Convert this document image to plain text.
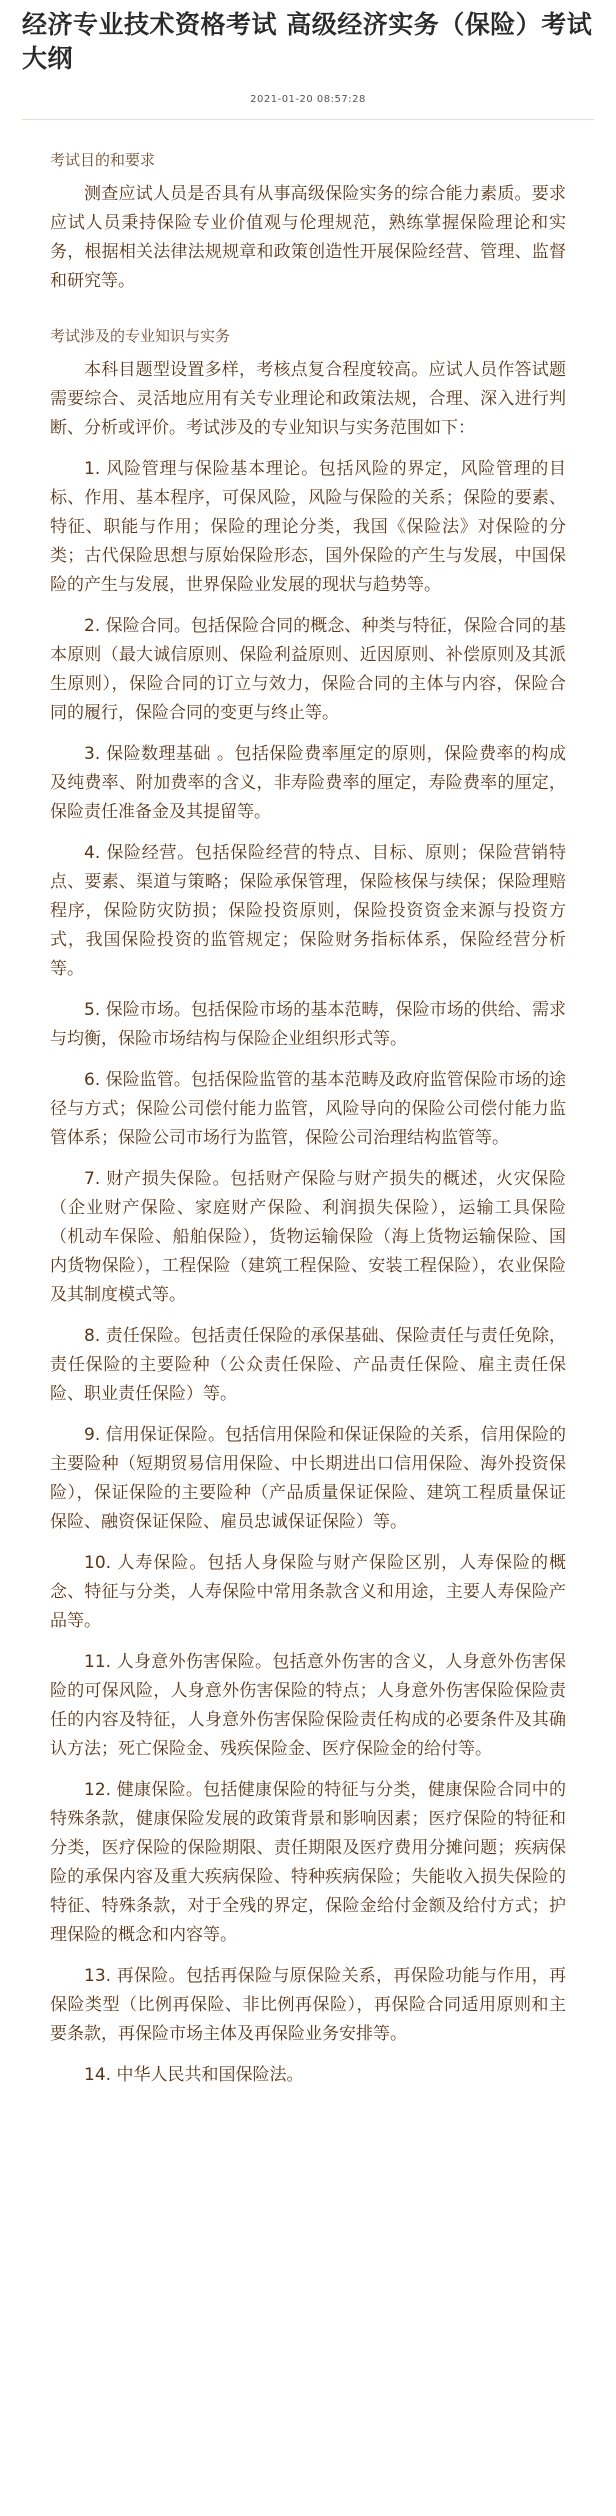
经济专业技术资格考试 高级经济实务（保险）考试大纲
2021-01-20 08:57:28
考试目的和要求

测查应试人员是否具有从事高级保险实务的综合能力素质。要求应试人员秉持保险专业价值观与伦理规范，熟练掌握保险理论和实务，根据相关法律法规规章和政策创造性开展保险经营、管理、监督和研究等。

考试涉及的专业知识与实务

本科目题型设置多样，考核点复合程度较高。应试人员作答试题需要综合、灵活地应用有关专业理论和政策法规，合理、深入进行判断、分析或评价。考试涉及的专业知识与实务范围如下：

1. 风险管理与保险基本理论。包括风险的界定，风险管理的目标、作用、基本程序，可保风险，风险与保险的关系；保险的要素、特征、职能与作用；保险的理论分类，我国《保险法》对保险的分类；古代保险思想与原始保险形态，国外保险的产生与发展，中国保险的产生与发展，世界保险业发展的现状与趋势等。

2. 保险合同。包括保险合同的概念、种类与特征，保险合同的基本原则（最大诚信原则、保险利益原则、近因原则、补偿原则及其派生原则），保险合同的订立与效力，保险合同的主体与内容，保险合同的履行，保险合同的变更与终止等。

3. 保险数理基础 。包括保险费率厘定的原则，保险费率的构成及纯费率、附加费率的含义，非寿险费率的厘定，寿险费率的厘定，保险责任准备金及其提留等。

4. 保险经营。包括保险经营的特点、目标、原则；保险营销特点、要素、渠道与策略；保险承保管理，保险核保与续保；保险理赔程序，保险防灾防损；保险投资原则，保险投资资金来源与投资方式，我国保险投资的监管规定；保险财务指标体系，保险经营分析等。

5. 保险市场。包括保险市场的基本范畴，保险市场的供给、需求与均衡，保险市场结构与保险企业组织形式等。

6. 保险监管。包括保险监管的基本范畴及政府监管保险市场的途径与方式；保险公司偿付能力监管，风险导向的保险公司偿付能力监管体系；保险公司市场行为监管，保险公司治理结构监管等。

7. 财产损失保险。包括财产保险与财产损失的概述，火灾保险（企业财产保险、家庭财产保险、利润损失保险），运输工具保险（机动车保险、船舶保险），货物运输保险（海上货物运输保险、国内货物保险），工程保险（建筑工程保险、安装工程保险），农业保险及其制度模式等。

8. 责任保险。包括责任保险的承保基础、保险责任与责任免除，责任保险的主要险种（公众责任保险、产品责任保险、雇主责任保险、职业责任保险）等。

9. 信用保证保险。包括信用保险和保证保险的关系，信用保险的主要险种（短期贸易信用保险、中长期进出口信用保险、海外投资保险），保证保险的主要险种（产品质量保证保险、建筑工程质量保证保险、融资保证保险、雇员忠诚保证保险）等。

10. 人寿保险。包括人身保险与财产保险区别，人寿保险的概念、特征与分类，人寿保险中常用条款含义和用途，主要人寿保险产品等。

11. 人身意外伤害保险。包括意外伤害的含义，人身意外伤害保险的可保风险，人身意外伤害保险的特点；人身意外伤害保险保险责任的内容及特征，人身意外伤害保险保险责任构成的必要条件及其确认方法；死亡保险金、残疾保险金、医疗保险金的给付等。

12. 健康保险。包括健康保险的特征与分类，健康保险合同中的特殊条款，健康保险发展的政策背景和影响因素；医疗保险的特征和分类，医疗保险的保险期限、责任期限及医疗费用分摊问题；疾病保险的承保内容及重大疾病保险、特种疾病保险；失能收入损失保险的特征、特殊条款，对于全残的界定，保险金给付金额及给付方式；护理保险的概念和内容等。

13. 再保险。包括再保险与原保险关系，再保险功能与作用，再保险类型（比例再保险、非比例再保险），再保险合同适用原则和主要条款，再保险市场主体及再保险业务安排等。

14. 中华人民共和国保险法。
